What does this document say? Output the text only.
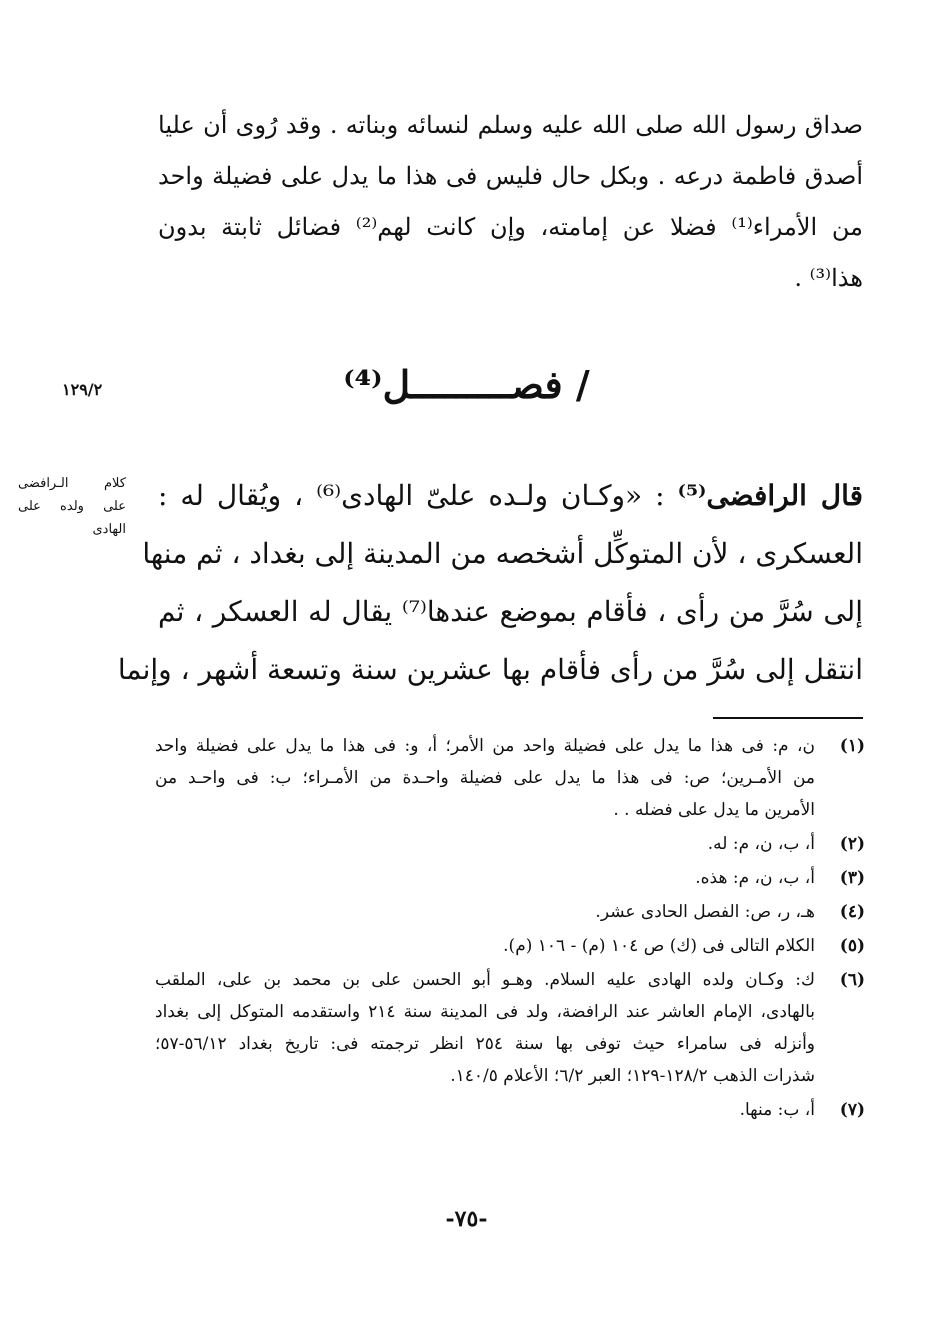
صداق رسول الله صلى الله عليه وسلم لنسائه وبناته . وقد رُوى أن عليا
أصدق فاطمة درعه . وبكل حال فليس فى هذا ما يدل على فضيلة واحد
من الأمراء⁽¹⁾ فضلا عن إمامته، وإن كانت لهم⁽²⁾ فضائل ثابتة بدون
هذا⁽³⁾ .
١٢٩/٢	/ فصـــــــــل⁽⁴⁾
كلام الـرافضى
على ولده على
الهادى
قال الرافضى⁽⁵⁾ : «وكـان ولـده علىّ الهادى⁽⁶⁾ ، ويُقال له :
العسكرى ، لأن المتوكِّل أشخصه من المدينة إلى بغداد ، ثم منها
إلى سُرَّ من رأى ، فأقام بموضع عندها⁽⁷⁾ يقال له العسكر ، ثم
انتقل إلى سُرَّ من رأى فأقام بها عشرين سنة وتسعة أشهر ، وإنما
(١)
ن، م: فى هذا ما يدل على فضيلة واحد من الأمر؛ أ، و: فى هذا ما يدل على فضيلة واحد
من الأمـرين؛ ص: فى هذا ما يدل على فضيلة واحـدة من الأمـراء؛ ب: فى واحـد من
الأمرين ما يدل على فضله . .
(٢)
أ، ب، ن، م: له.
(٣)
أ، ب، ن، م: هذه.
(٤)
هـ، ر، ص: الفصل الحادى عشر.
(٥)
الكلام التالى فى (ك) ص ١٠٤ (م) - ١٠٦ (م).
(٦)
ك: وكـان ولده الهادى عليه السلام. وهـو أبو الحسن على بن محمد بن على، الملقب
بالهادى، الإمام العاشر عند الرافضة، ولد فى المدينة سنة ٢١٤ واستقدمه المتوكل إلى بغداد
وأنزله فى سامراء حيث توفى بها سنة ٢٥٤ انظر ترجمته فى: تاريخ بغداد ٥٦/١٢-٥٧؛
شذرات الذهب ١٢٨/٢-١٢٩؛ العبر ٦/٢؛ الأعلام ١٤٠/٥.
(٧)
أ، ب: منها.
-٧٥-
